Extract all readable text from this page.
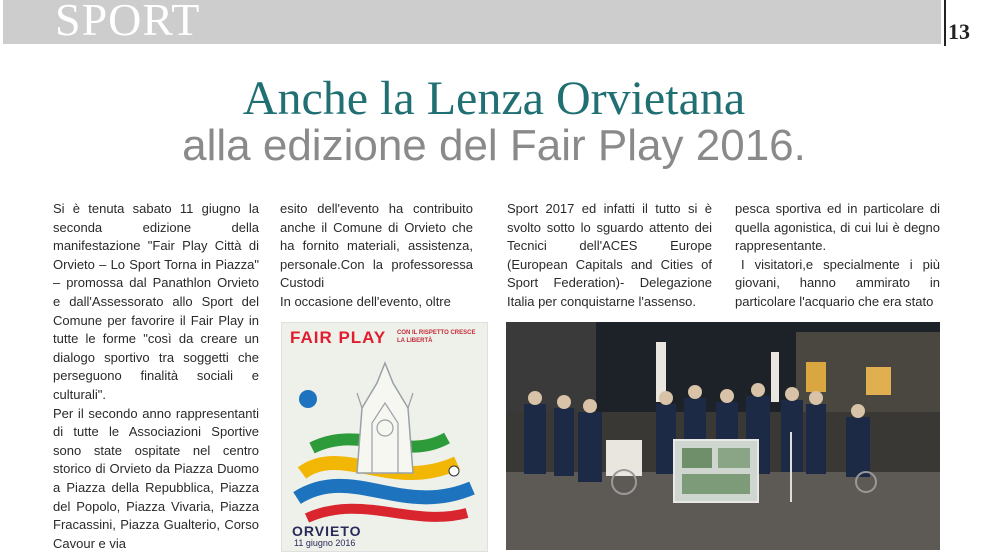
SPORT	13
Anche la Lenza Orvietana
alla edizione del Fair Play 2016.

Si è tenuta sabato 11 giugno la seconda edizione della manifestazione "Fair Play Città di Orvieto – Lo Sport Torna in Piazza" – promossa dal Panathlon Orvieto e dall'Assessorato allo Sport del Comune per favorire il Fair Play in tutte le forme "così da creare un dialogo sportivo tra soggetti che perseguono finalità sociali e culturali".

Per il secondo anno rappresentanti di tutte le Associazioni Sportive sono state ospitate nel centro storico di Orvieto da Piazza Duomo a Piazza della Repubblica, Piazza del Popolo, Piazza Vivaria, Piazza Fracassini, Piazza Gualterio, Corso Cavour e via

esito dell'evento ha contribuito anche il Comune di Orvieto che ha fornito materiali, assistenza, personale.Con la professoressa Custodi

In occasione dell'evento, oltre

Sport 2017 ed infatti il tutto si è svolto sotto lo sguardo attento dei Tecnici dell'ACES Europe (European Capitals and Cities of Sport Federation)- Delegazione Italia per conquistarne l'assenso.

pesca sportiva ed in particolare di quella agonistica, di cui lui è degno rappresentante.

I visitatori,e specialmente i più giovani, hanno ammirato in particolare l'acquario che era stato

FAIR PLAY CON IL RISPETTO CRESCE LA LIBERTÀ
ORVIETO
11 giugno 2016
